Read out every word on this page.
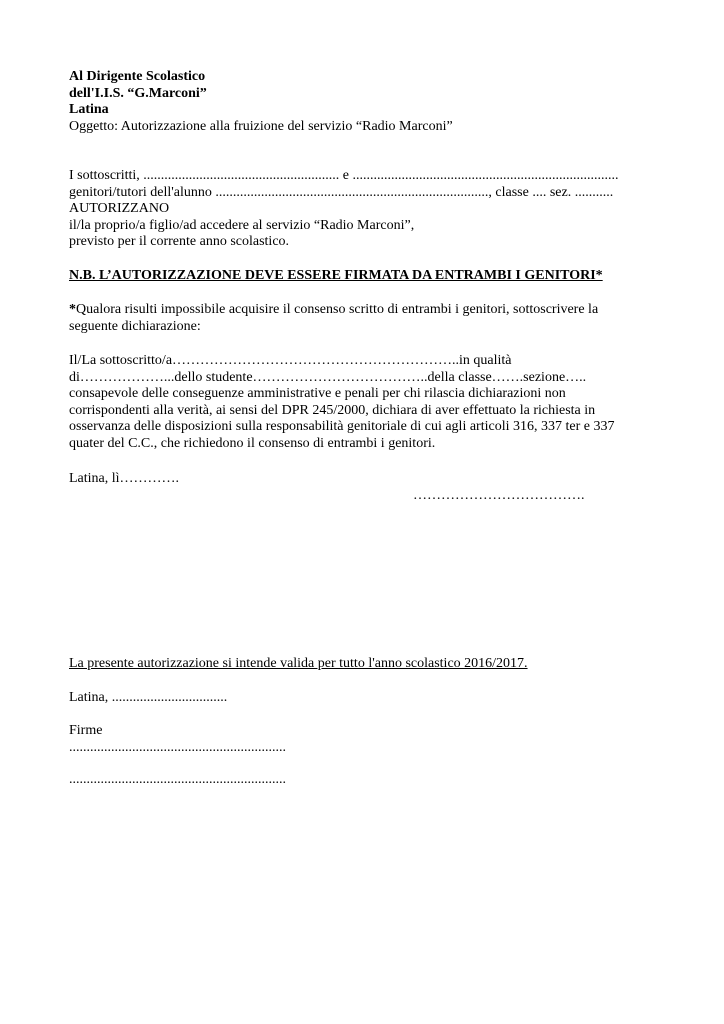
Al Dirigente Scolastico
dell'I.I.S. “G.Marconi”
Latina
Oggetto: Autorizzazione alla fruizione del servizio “Radio Marconi”
I sottoscritti, ........................................................ e ............................................................................
genitori/tutori dell'alunno .............................................................................., classe .... sez. ...........
AUTORIZZANO
il/la proprio/a figlio/ad accedere al servizio “Radio Marconi”,
previsto per il corrente anno scolastico.
N.B. L’AUTORIZZAZIONE DEVE ESSERE FIRMATA DA ENTRAMBI I GENITORI*
*Qualora risulti impossibile acquisire il consenso scritto di entrambi i genitori, sottoscrivere la
seguente dichiarazione:
Il/La sottoscritto/a……………………………………………………..in qualità
di………………...dello studente………………………………..della classe…….sezione…..
consapevole delle conseguenze amministrative e penali per chi rilascia dichiarazioni non
corrispondenti alla verità, ai sensi del DPR 245/2000, dichiara di aver effettuato la richiesta in
osservanza delle disposizioni sulla responsabilità genitoriale di cui agli articoli 316, 337 ter e 337
quater del C.C., che richiedono il consenso di entrambi i genitori.
Latina, lì………….
……………………………….
La presente autorizzazione si intende valida per tutto l'anno scolastico 2016/2017.
Latina, .................................
Firme
..............................................................
..............................................................
